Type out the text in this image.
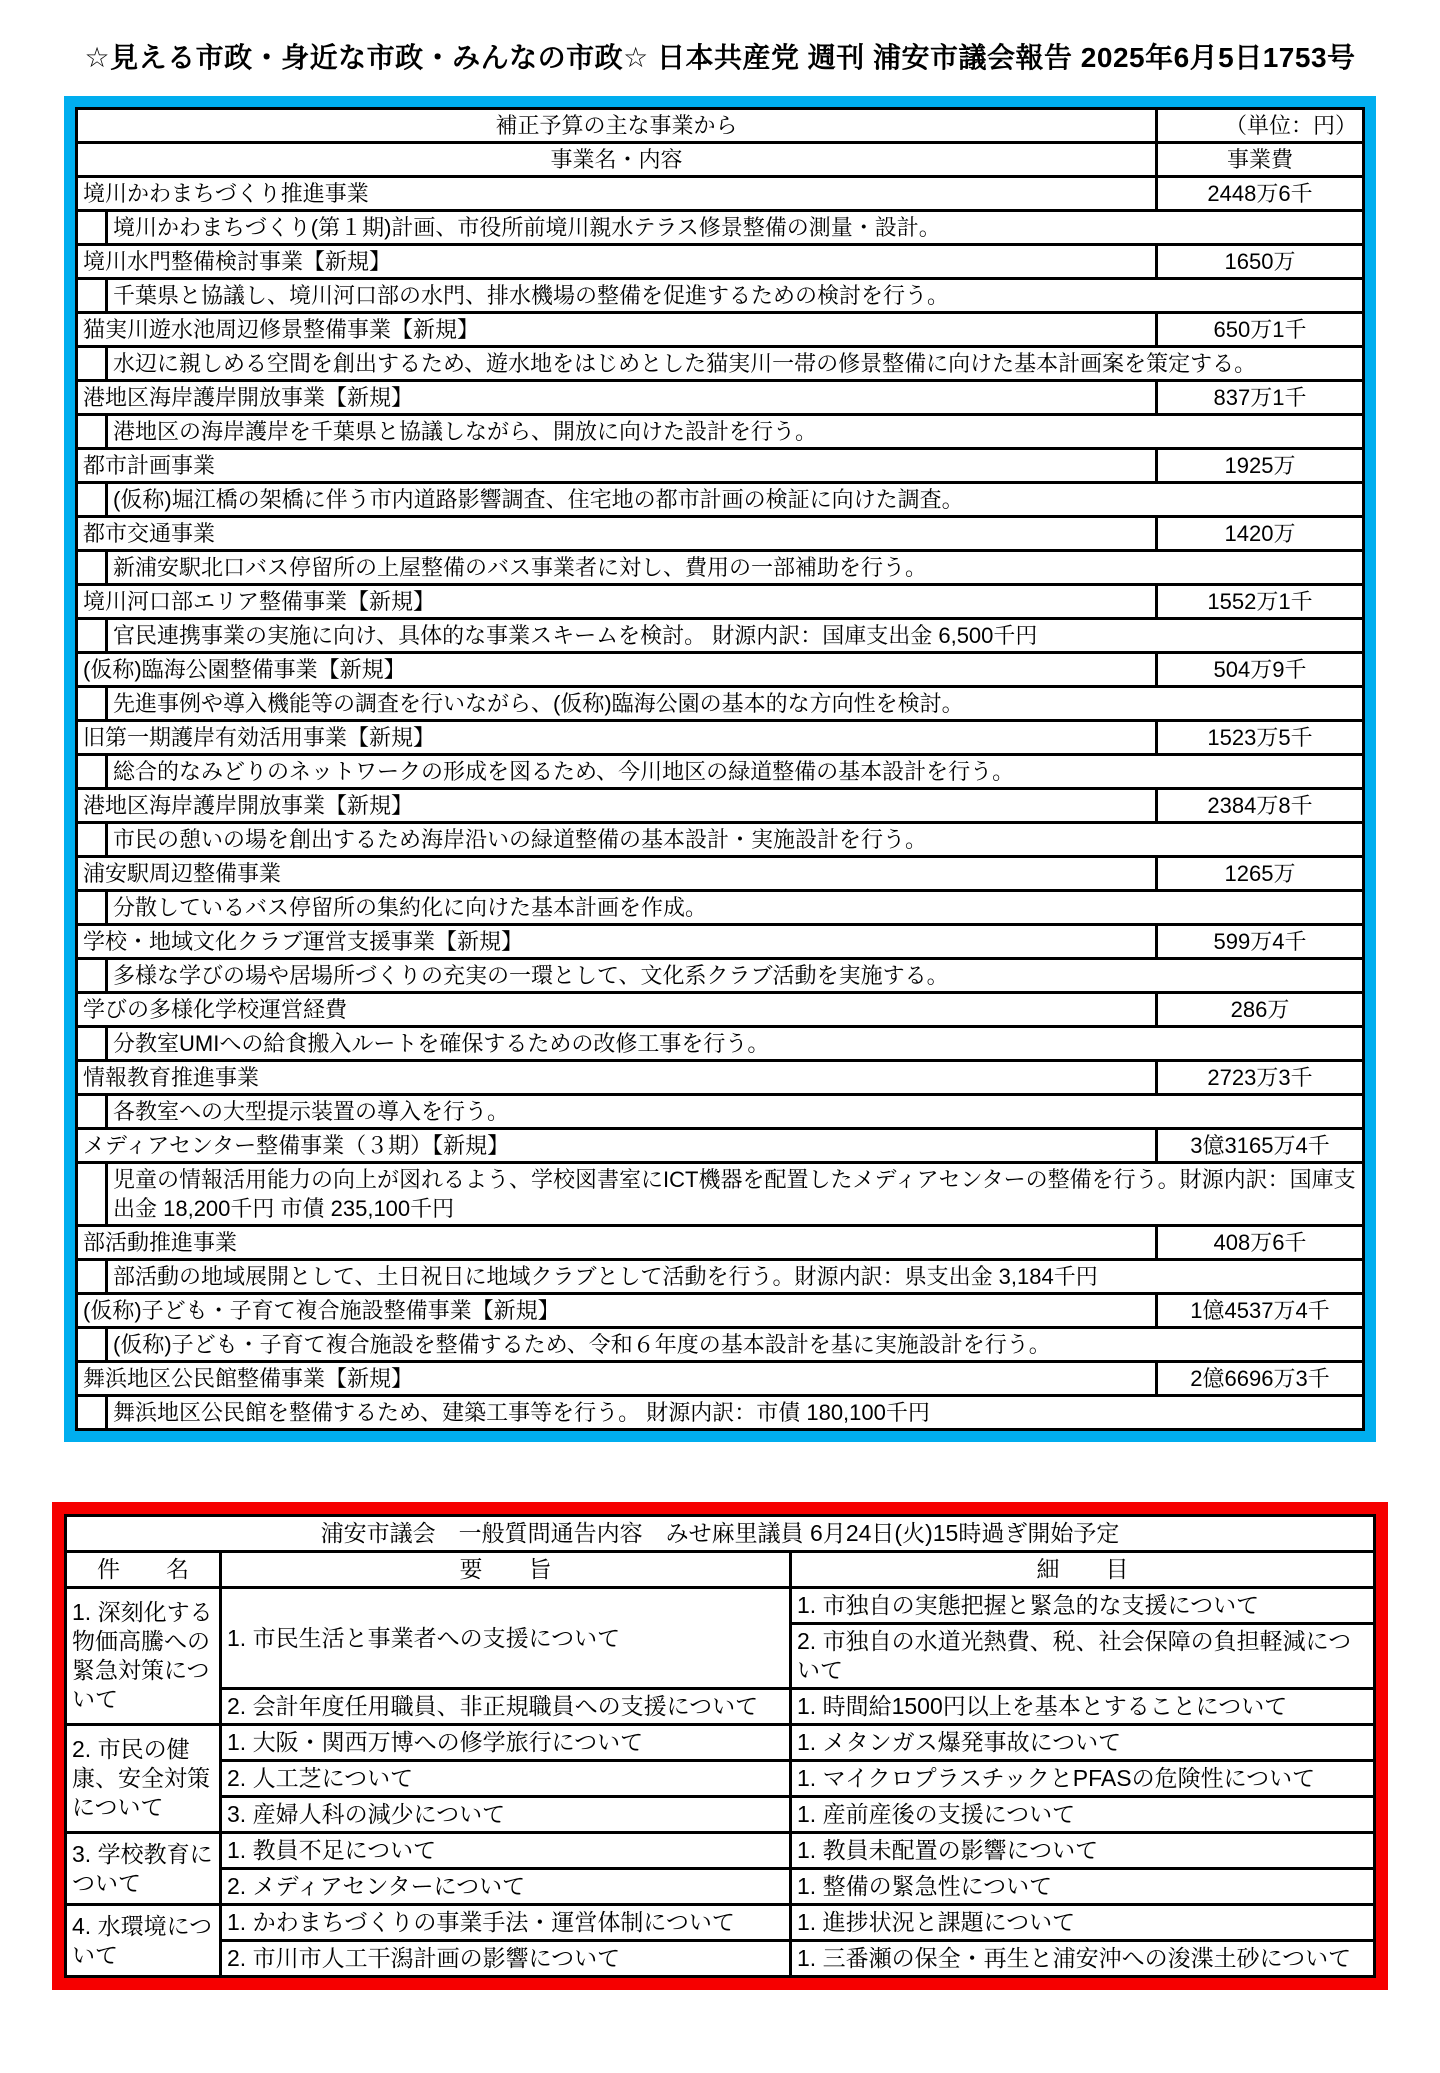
☆見える市政・身近な市政・みんなの市政☆ 日本共産党 週刊 浦安市議会報告 2025年6月5日1753号
補正予算の主な事業から		（単位：円）
事業名・内容		事業費
境川かわまちづくり推進事業		2448万6千
	境川かわまちづくり(第１期)計画、市役所前境川親水テラス修景整備の測量・設計。	
境川水門整備検討事業【新規】		1650万
	千葉県と協議し、境川河口部の水門、排水機場の整備を促進するための検討を行う。	
猫実川遊水池周辺修景整備事業【新規】		650万1千
	水辺に親しめる空間を創出するため、遊水地をはじめとした猫実川一帯の修景整備に向けた基本計画案を策定する。	
港地区海岸護岸開放事業【新規】		837万1千
	港地区の海岸護岸を千葉県と協議しながら、開放に向けた設計を行う。	
都市計画事業		1925万
	(仮称)堀江橋の架橋に伴う市内道路影響調査、住宅地の都市計画の検証に向けた調査。	
都市交通事業		1420万
	新浦安駅北口バス停留所の上屋整備のバス事業者に対し、費用の一部補助を行う。	
境川河口部エリア整備事業【新規】		1552万1千
	官民連携事業の実施に向け、具体的な事業スキームを検討。 財源内訳：国庫支出金 6,500千円	
(仮称)臨海公園整備事業【新規】		504万9千
	先進事例や導入機能等の調査を行いながら、(仮称)臨海公園の基本的な方向性を検討。	
旧第一期護岸有効活用事業【新規】		1523万5千
	総合的なみどりのネットワークの形成を図るため、今川地区の緑道整備の基本設計を行う。	
港地区海岸護岸開放事業【新規】		2384万8千
	市民の憩いの場を創出するため海岸沿いの緑道整備の基本設計・実施設計を行う。	
浦安駅周辺整備事業		1265万
	分散しているバス停留所の集約化に向けた基本計画を作成。	
学校・地域文化クラブ運営支援事業【新規】		599万4千
	多様な学びの場や居場所づくりの充実の一環として、文化系クラブ活動を実施する。	
学びの多様化学校運営経費		286万
	分教室UMIへの給食搬入ルートを確保するための改修工事を行う。	
情報教育推進事業		2723万3千
	各教室への大型提示装置の導入を行う。	
メディアセンター整備事業（３期）【新規】		3億3165万4千
	児童の情報活用能力の向上が図れるよう、学校図書室にICT機器を配置したメディアセンターの整備を行う。財源内訳：国庫支出金 18,200千円 市債 235,100千円	
部活動推進事業		408万6千
	部活動の地域展開として、土日祝日に地域クラブとして活動を行う。財源内訳：県支出金 3,184千円	
(仮称)子ども・子育て複合施設整備事業【新規】		1億4537万4千
	(仮称)子ども・子育て複合施設を整備するため、令和６年度の基本設計を基に実施設計を行う。	
舞浜地区公民館整備事業【新規】		2億6696万3千
	舞浜地区公民館を整備するため、建築工事等を行う。 財源内訳：市債 180,100千円	
浦安市議会　一般質問通告内容　みせ麻里議員 6月24日(火)15時過ぎ開始予定		
件　　名	要　　旨	細　　目
1. 深刻化する物価高騰への緊急対策について	1. 市民生活と事業者への支援について	1. 市独自の実態把握と緊急的な支援について
		2. 市独自の水道光熱費、税、社会保障の負担軽減について
	2. 会計年度任用職員、非正規職員への支援について	1. 時間給1500円以上を基本とすることについて
2. 市民の健康、安全対策について	1. 大阪・関西万博への修学旅行について	1. メタンガス爆発事故について
	2. 人工芝について	1. マイクロプラスチックとPFASの危険性について
	3. 産婦人科の減少について	1. 産前産後の支援について
3. 学校教育について	1. 教員不足について	1. 教員未配置の影響について
	2. メディアセンターについて	1. 整備の緊急性について
4. 水環境について	1. かわまちづくりの事業手法・運営体制について	1. 進捗状況と課題について
	2. 市川市人工干潟計画の影響について	1. 三番瀬の保全・再生と浦安沖への浚渫土砂について
